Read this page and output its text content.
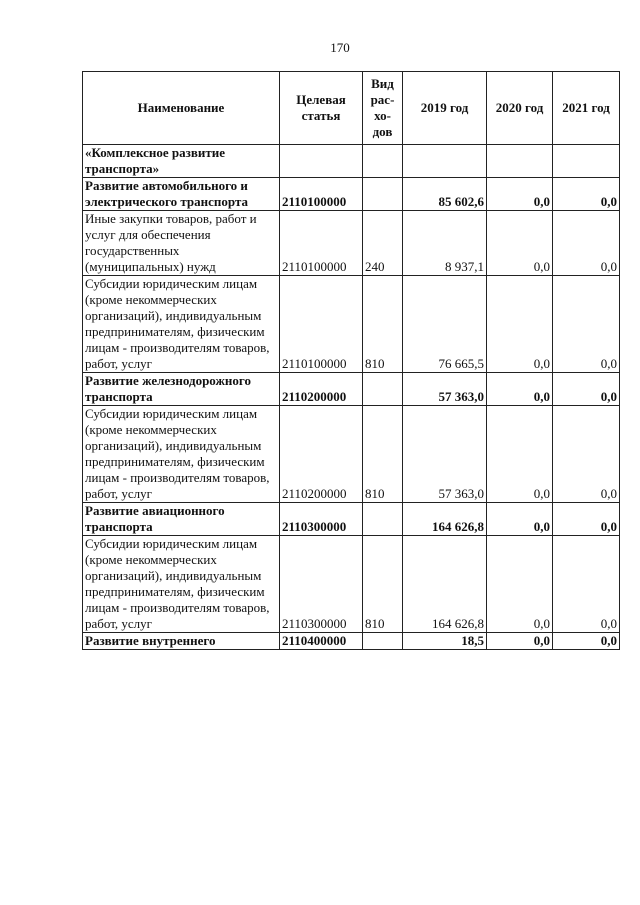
170
Наименование	Целевая статья	Вид рас- хо- дов	2019 год	2020 год	2021 год
«Комплексное развитие транспорта»					
Развитие автомобильного и электрического транспорта	2110100000		85 602,6	0,0	0,0
Иные закупки товаров, работ и услуг для обеспечения государственных (муниципальных) нужд	2110100000	240	8 937,1	0,0	0,0
Субсидии юридическим лицам (кроме некоммерческих организаций), индивидуальным предпринимателям, физическим лицам - производителям товаров, работ, услуг	2110100000	810	76 665,5	0,0	0,0
Развитие железнодорожного транспорта	2110200000		57 363,0	0,0	0,0
Субсидии юридическим лицам (кроме некоммерческих организаций), индивидуальным предпринимателям, физическим лицам - производителям товаров, работ, услуг	2110200000	810	57 363,0	0,0	0,0
Развитие авиационного транспорта	2110300000		164 626,8	0,0	0,0
Субсидии юридическим лицам (кроме некоммерческих организаций), индивидуальным предпринимателям, физическим лицам - производителям товаров, работ, услуг	2110300000	810	164 626,8	0,0	0,0
Развитие внутреннего	2110400000		18,5	0,0	0,0
